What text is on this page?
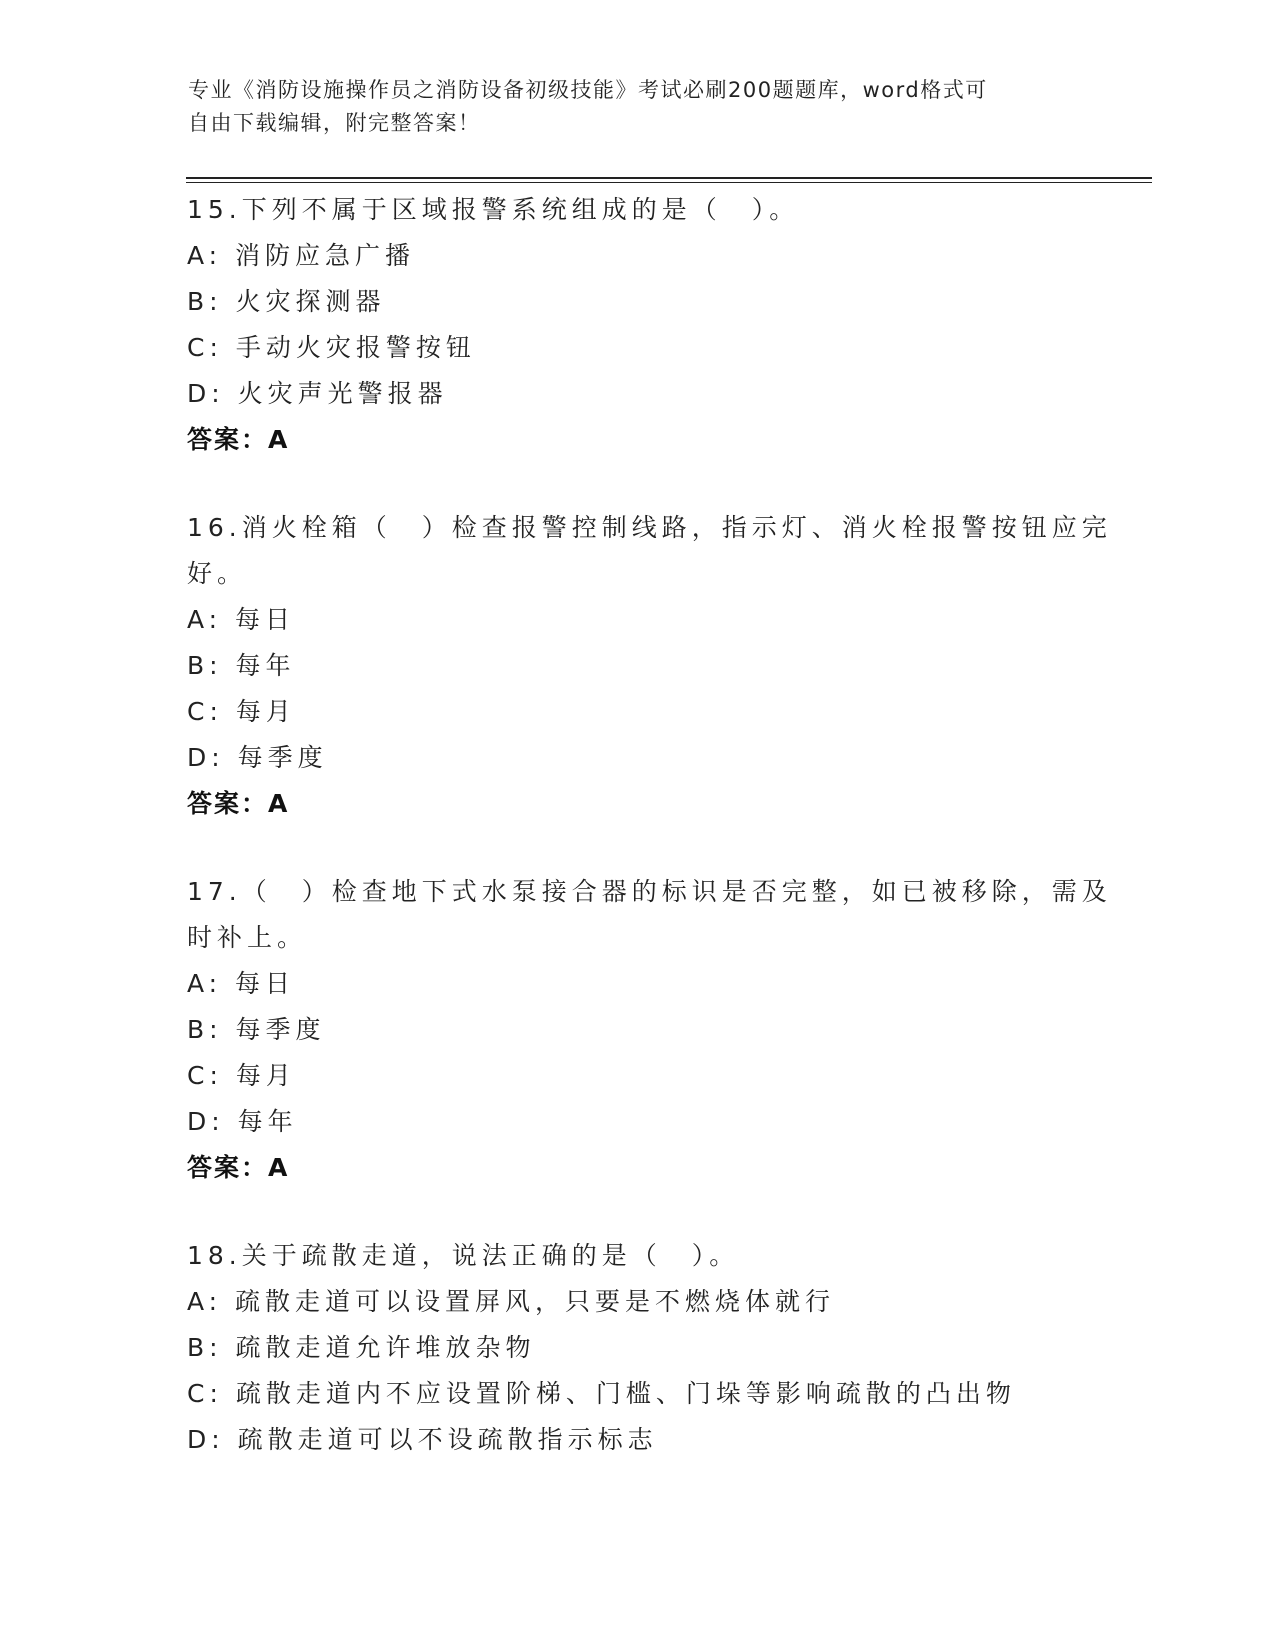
专业《消防设施操作员之消防设备初级技能》考试必刷200题题库，word格式可
自由下载编辑，附完整答案！
15.下列不属于区域报警系统组成的是（　）。
A: 消防应急广播
B: 火灾探测器
C: 手动火灾报警按钮
D: 火灾声光警报器
答案：A
16.消火栓箱（　）检查报警控制线路，指示灯、消火栓报警按钮应完
好。
A: 每日
B: 每年
C: 每月
D: 每季度
答案：A
17.（　）检查地下式水泵接合器的标识是否完整，如已被移除，需及
时补上。
A: 每日
B: 每季度
C: 每月
D: 每年
答案：A
18.关于疏散走道，说法正确的是（　）。
A: 疏散走道可以设置屏风，只要是不燃烧体就行
B: 疏散走道允许堆放杂物
C: 疏散走道内不应设置阶梯、门槛、门垛等影响疏散的凸出物
D: 疏散走道可以不设疏散指示标志
